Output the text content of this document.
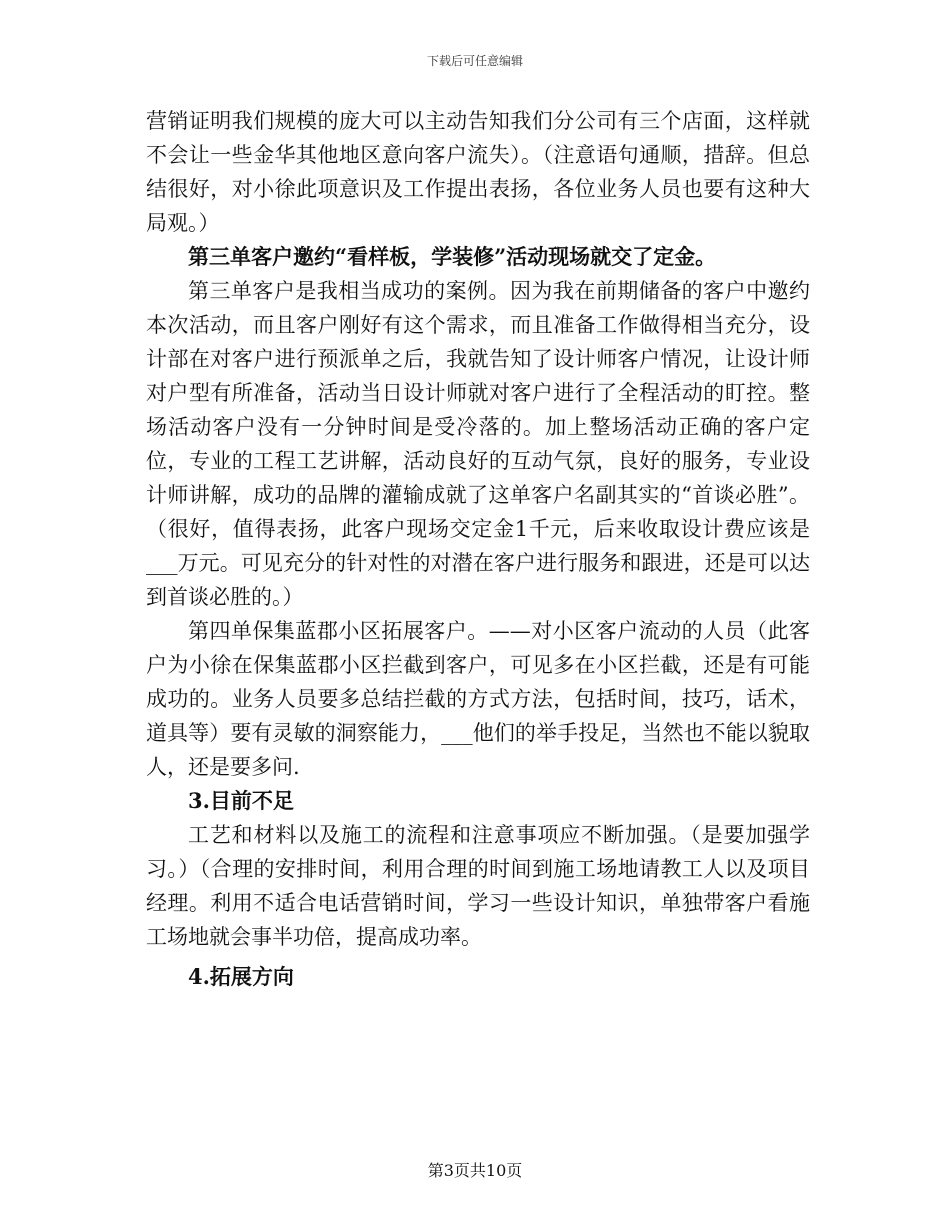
下载后可任意编辑

营销证明我们规模的庞大可以主动告知我们分公司有三个店面，这样就不会让一些金华其他地区意向客户流失）。（注意语句通顺，措辞。但总结很好，对小徐此项意识及工作提出表扬，各位业务人员也要有这种大局观。）

第三单客户邀约“看样板，学装修”活动现场就交了定金。

第三单客户是我相当成功的案例。因为我在前期储备的客户中邀约本次活动，而且客户刚好有这个需求，而且准备工作做得相当充分，设计部在对客户进行预派单之后，我就告知了设计师客户情况，让设计师对户型有所准备，活动当日设计师就对客户进行了全程活动的盯控。整场活动客户没有一分钟时间是受冷落的。加上整场活动正确的客户定位，专业的工程工艺讲解，活动良好的互动气氛，良好的服务，专业设计师讲解，成功的品牌的灌输成就了这单客户名副其实的“首谈必胜”。（很好，值得表扬，此客户现场交定金1千元，后来收取设计费应该是___万元。可见充分的针对性的对潜在客户进行服务和跟进，还是可以达到首谈必胜的。）

第四单保集蓝郡小区拓展客户。——对小区客户流动的人员（此客户为小徐在保集蓝郡小区拦截到客户，可见多在小区拦截，还是有可能成功的。业务人员要多总结拦截的方式方法，包括时间，技巧，话术，道具等）要有灵敏的洞察能力，___他们的举手投足，当然也不能以貌取人，还是要多问.

3.目前不足

工艺和材料以及施工的流程和注意事项应不断加强。（是要加强学习。）（合理的安排时间，利用合理的时间到施工场地请教工人以及项目经理。利用不适合电话营销时间，学习一些设计知识，单独带客户看施工场地就会事半功倍，提高成功率。

4.拓展方向

第3页共10页
